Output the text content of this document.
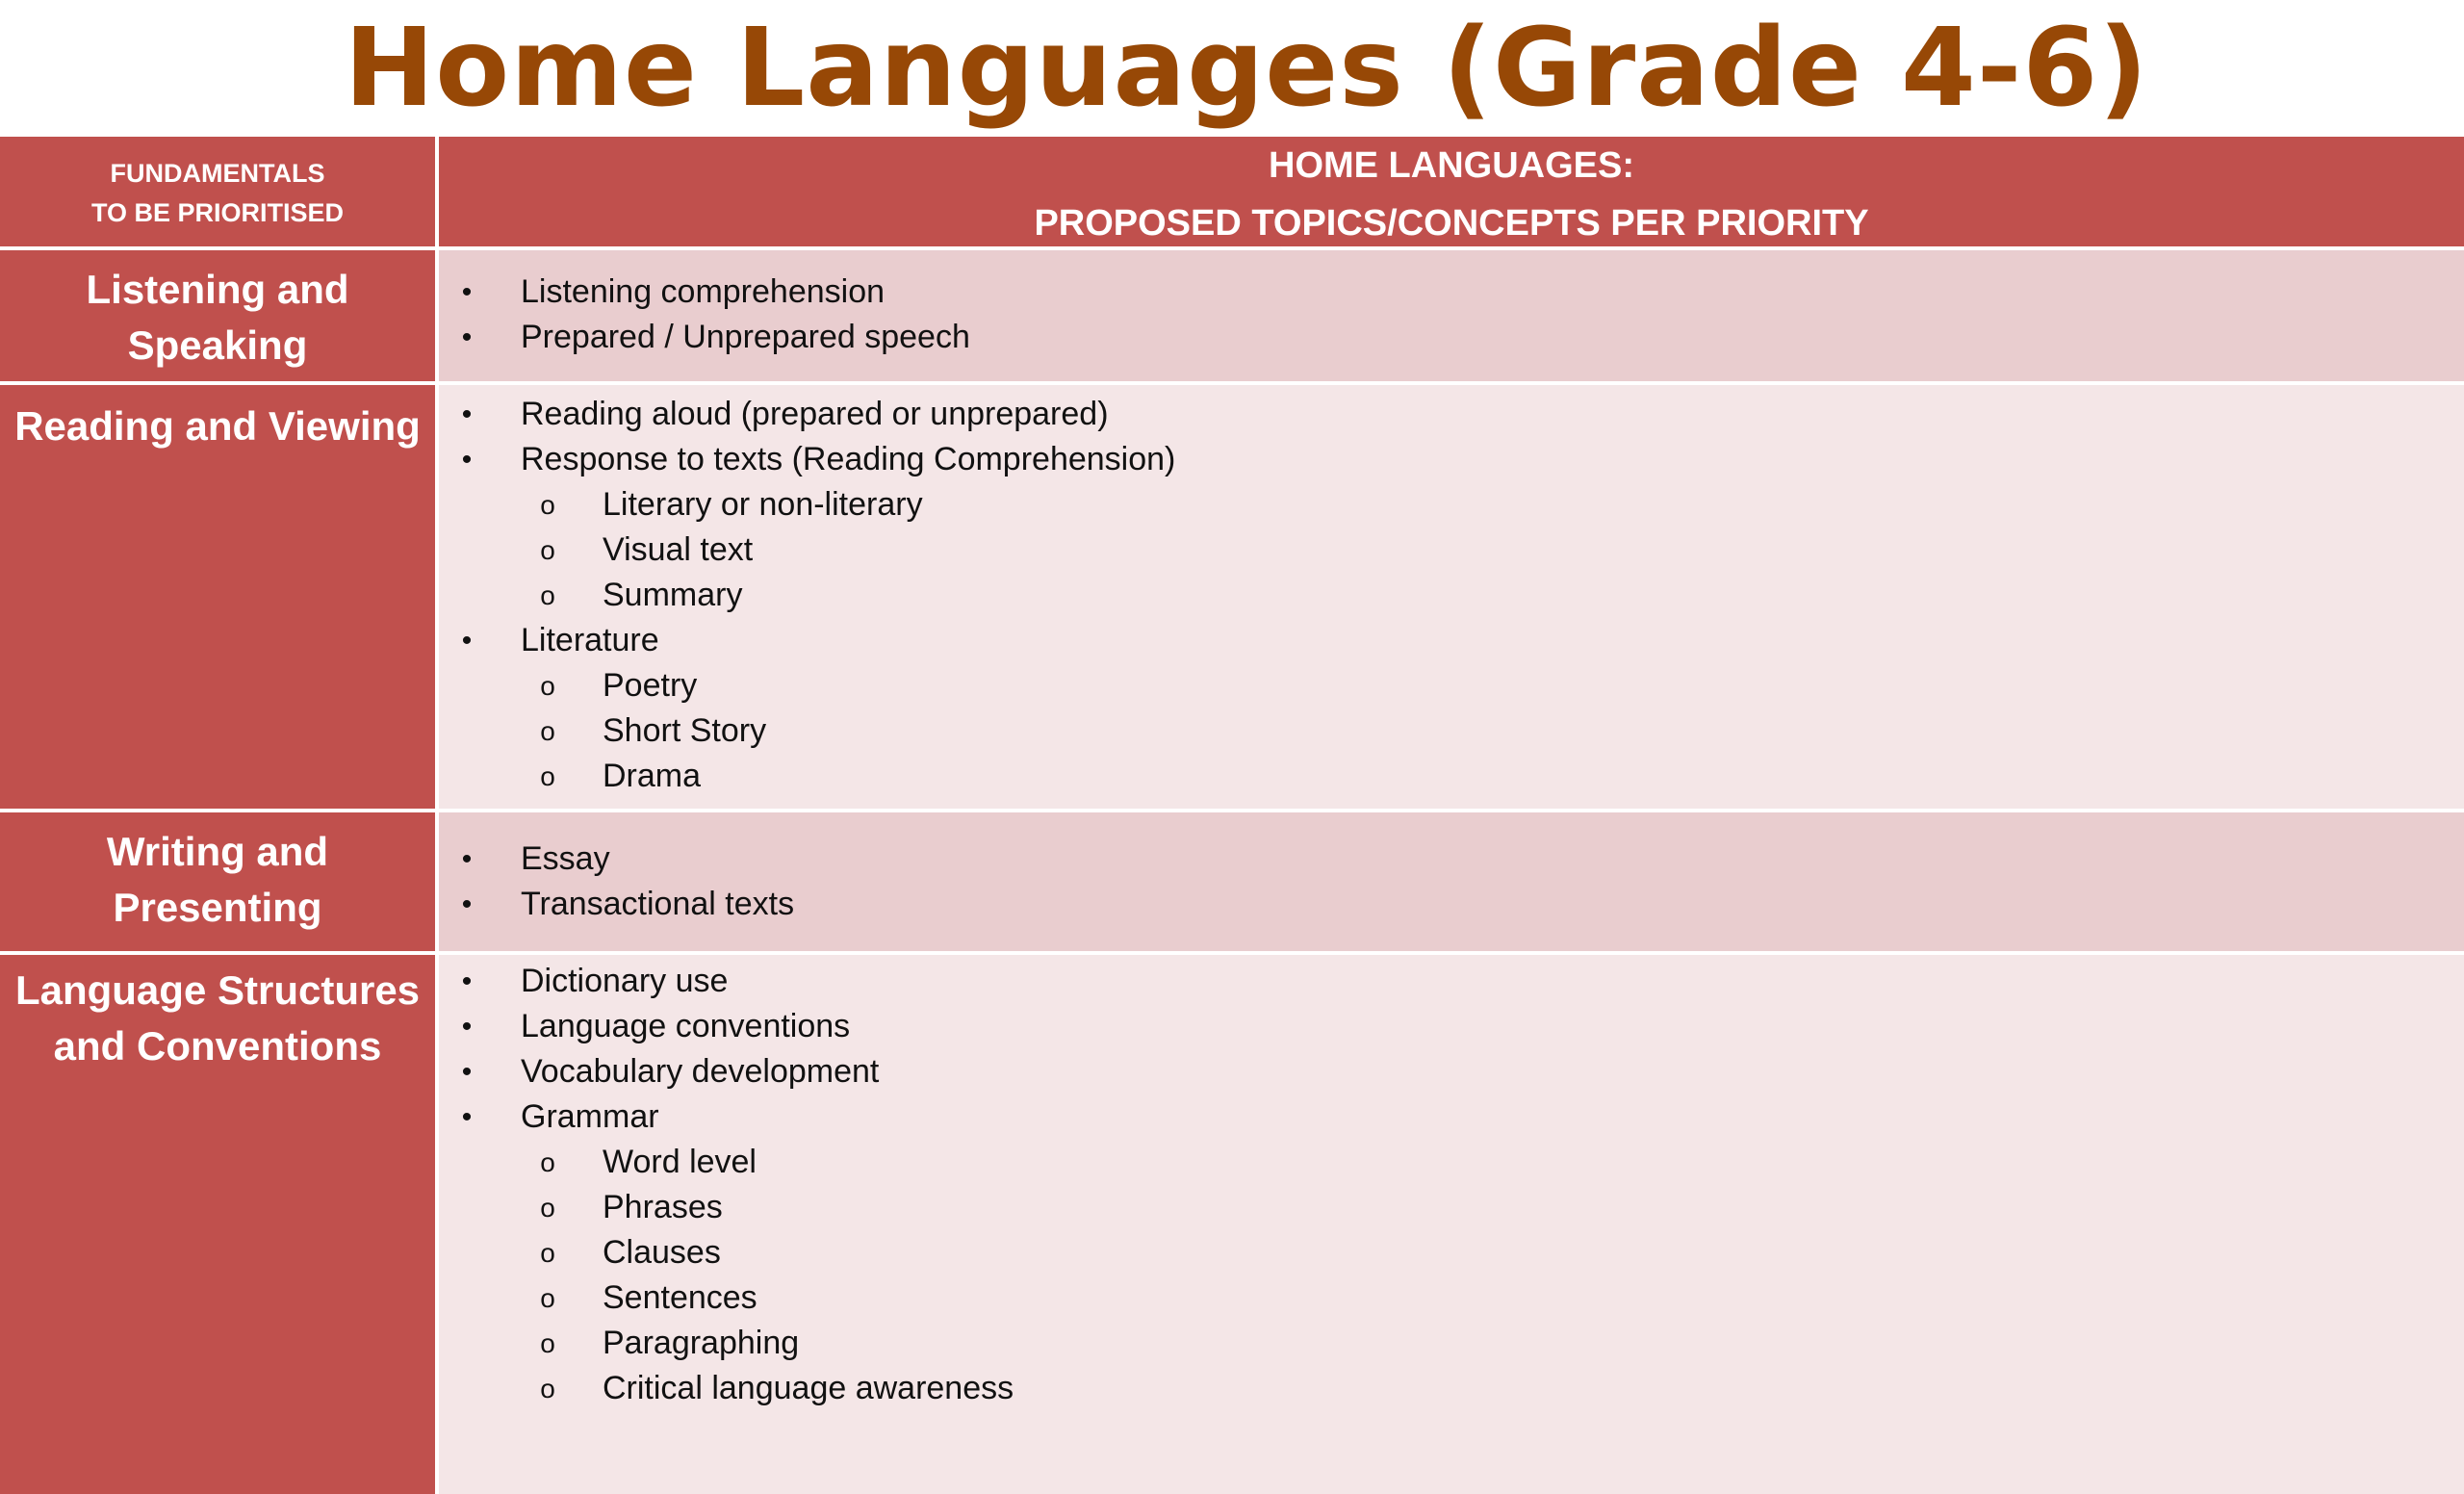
Home Languages (Grade 4-6)
FUNDAMENTALS
TO BE PRIORITISED
HOME LANGUAGES:
PROPOSED TOPICS/CONCEPTS PER PRIORITY
Listening and
Speaking
• Listening comprehension
• Prepared / Unprepared speech
Reading and Viewing	• Reading aloud (prepared or unprepared)
• Response to texts (Reading Comprehension)
o Literary or non-literary
o Visual text
o Summary
• Literature
o Poetry
o Short Story
o Drama
Writing and
Presenting
• Essay
• Transactional texts
Language Structures
and Conventions
• Dictionary use
• Language conventions
• Vocabulary development
• Grammar
o Word level
o Phrases
o Clauses
o Sentences
o Paragraphing
o Critical language awareness
